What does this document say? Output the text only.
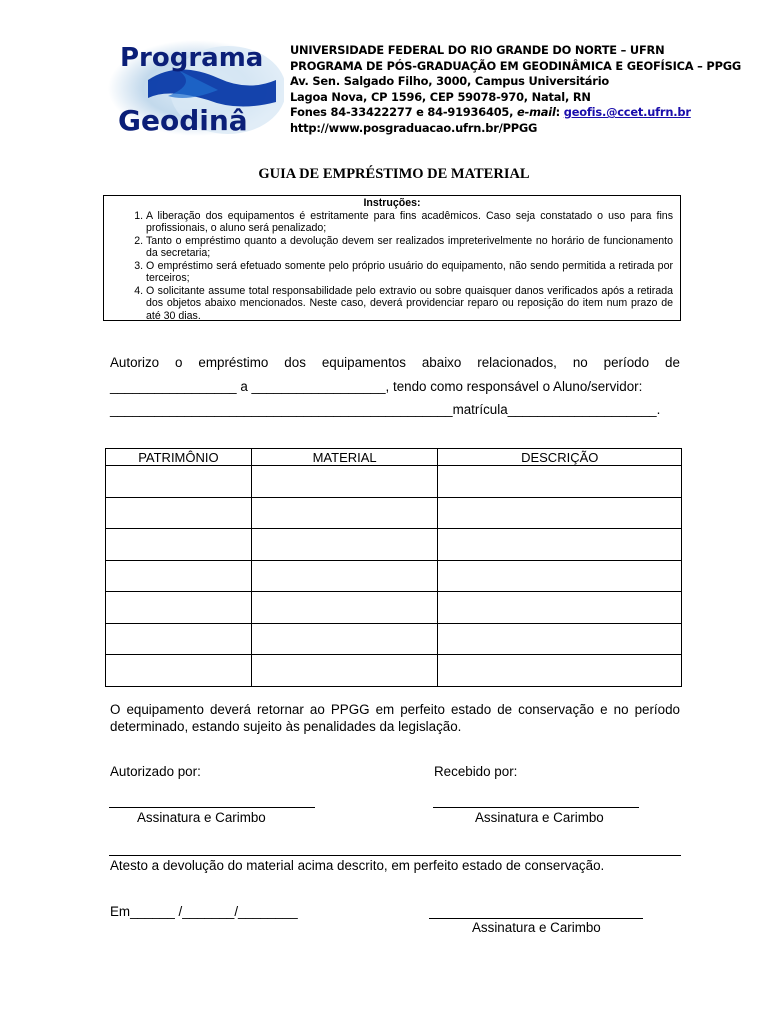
Programa
Geodinâ
UNIVERSIDADE FEDERAL DO RIO GRANDE DO NORTE – UFRN
PROGRAMA DE PÓS-GRADUAÇÃO EM GEODINÂMICA E GEOFÍSICA – PPGG
Av. Sen. Salgado Filho, 3000, Campus Universitário
Lagoa Nova, CP 1596, CEP 59078-970, Natal, RN
Fones 84-33422277 e 84-91936405, e-mail: geofis.@ccet.ufrn.br
http://www.posgraduacao.ufrn.br/PPGG
GUIA DE EMPRÉSTIMO DE MATERIAL
Instruções:
1. A liberação dos equipamentos é estritamente para fins acadêmicos. Caso seja constatado o uso para fins profissionais, o aluno será penalizado;
2. Tanto o empréstimo quanto a devolução devem ser realizados impreterivelmente no horário de funcionamento da secretaria;
3. O empréstimo será efetuado somente pelo próprio usuário do equipamento, não sendo permitida a retirada por terceiros;
4. O solicitante assume total responsabilidade pelo extravio ou sobre quaisquer danos verificados após a retirada dos objetos abaixo mencionados. Neste caso, deverá providenciar reparo ou reposição do item num prazo de até 30 dias.
Autorizo o empréstimo dos equipamentos abaixo relacionados, no período de
_________________ a __________________, tendo como responsável o Aluno/servidor:
______________________________________________matrícula____________________.
PATRIMÔNIO	MATERIAL	DESCRIÇÃO

O equipamento deverá retornar ao PPGG em perfeito estado de conservação e no período determinado, estando sujeito às penalidades da legislação.
Autorizado por:	Recebido por:
Assinatura e Carimbo	Assinatura e Carimbo
Atesto a devolução do material acima descrito, em perfeito estado de conservação.
Em______ /_______/________
Assinatura e Carimbo
